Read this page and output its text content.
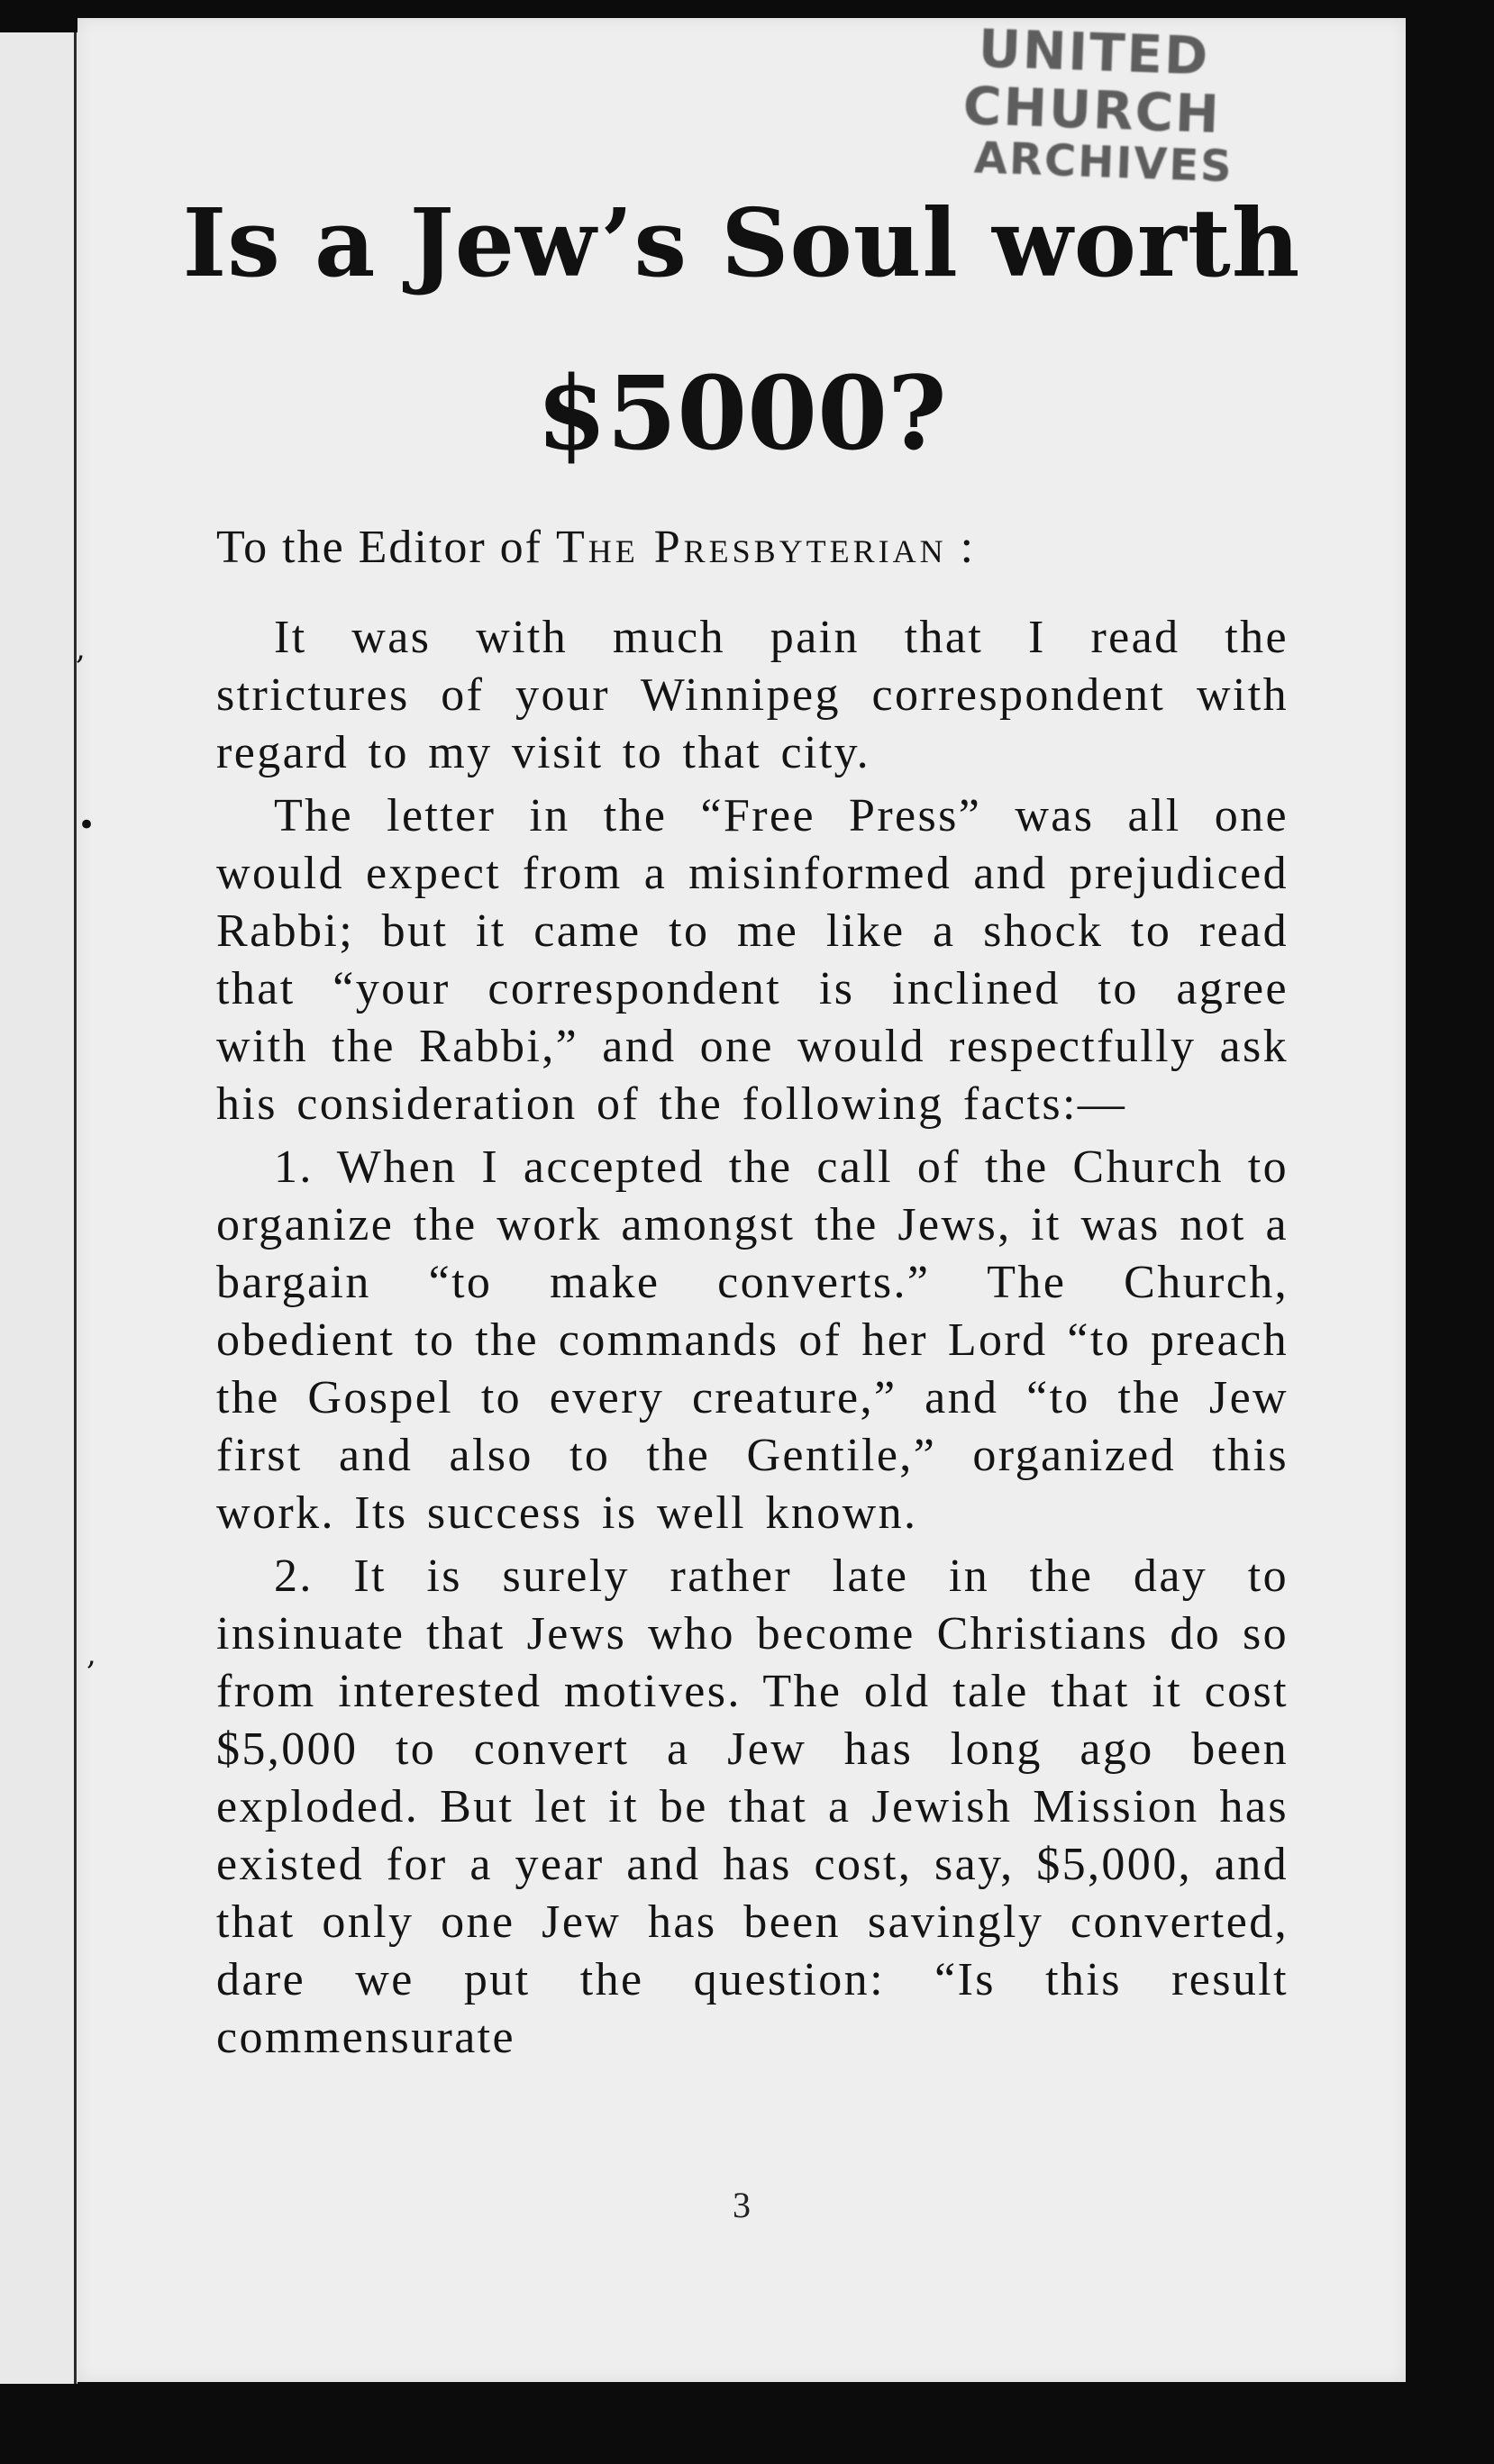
,
•
,
UNITED CHURCH
ARCHIVES
Is a Jew’s Soul worth
$5000?
To the Editor of The Presbyterian :

It was with much pain that I read the strictures of your Winnipeg correspondent with regard to my visit to that city.

The letter in the “Free Press” was all one would expect from a misinformed and prejudiced Rabbi; but it came to me like a shock to read that “your correspondent is inclined to agree with the Rabbi,” and one would respectfully ask his consideration of the following facts:—

1. When I accepted the call of the Church to organize the work amongst the Jews, it was not a bargain “to make converts.” The Church, obedient to the commands of her Lord “to preach the Gospel to every creature,” and “to the Jew first and also to the Gentile,” organized this work. Its success is well known.

2. It is surely rather late in the day to insinuate that Jews who become Christians do so from interested motives. The old tale that it cost $5,000 to convert a Jew has long ago been exploded. But let it be that a Jewish Mission has existed for a year and has cost, say, $5,000, and that only one Jew has been savingly converted, dare we put the question: “Is this result commensurate

3
